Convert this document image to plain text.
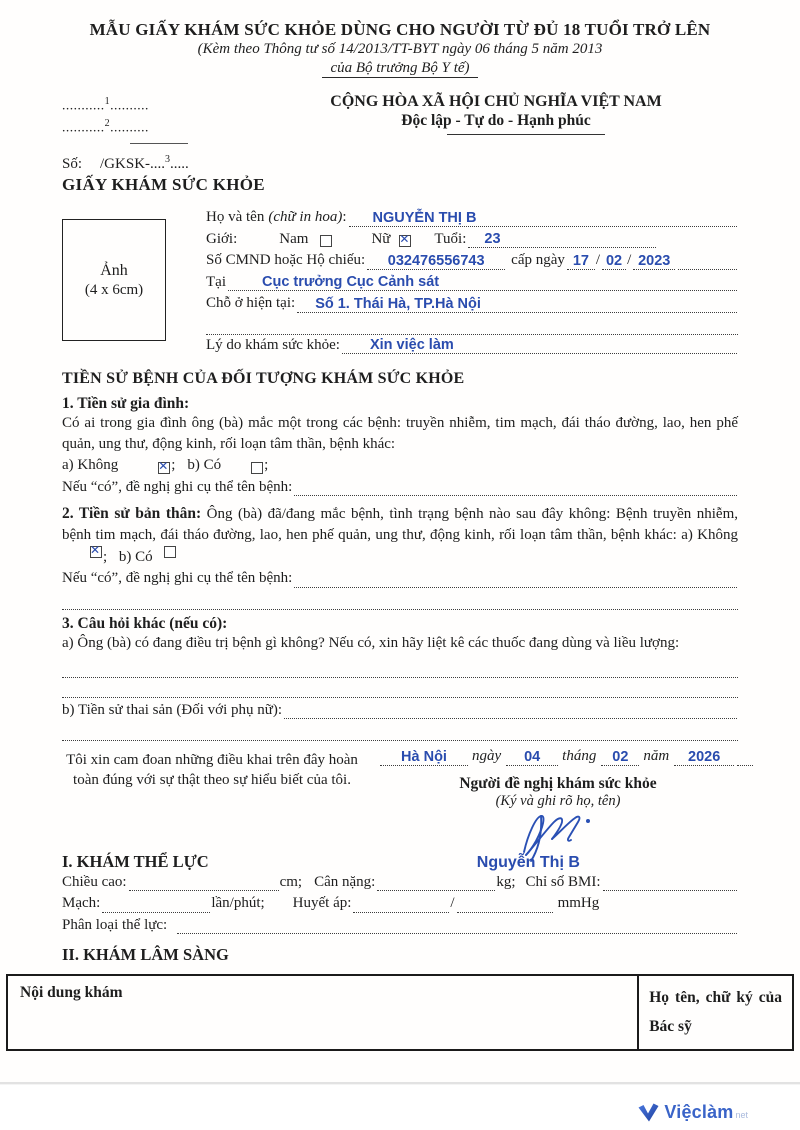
MẪU GIẤY KHÁM SỨC KHỎE DÙNG CHO NGƯỜI TỪ ĐỦ 18 TUỔI TRỞ LÊN
(Kèm theo Thông tư số 14/2013/TT-BYT ngày 06 tháng 5 năm 2013
của Bộ trưởng Bộ Y tế)
...........$^1$..........
...........$^2$..........
CỘNG HÒA XÃ HỘI CHỦ NGHĨA VIỆT NAM
Độc lập - Tự do - Hạnh phúc
Số: /GKSK-....$^3$.....
GIẤY KHÁM SỨC KHỎE
Ảnh
(4 x 6cm)
Họ và tên (chữ in hoa) :	NGUYỄN THỊ B
Giới:	Nam	Nữ ✕ Tuổi:	23
Số CMND hoặc Hộ chiếu: 032476556743 cấp ngày 17 / 02 / 2023
Tại	Cục trưởng Cục Cảnh sát
Chỗ ở hiện tại:	Số 1. Thái Hà, TP.Hà Nội
Lý do khám sức khỏe:	Xin việc làm
TIỀN SỬ BỆNH CỦA ĐỐI TƯỢNG KHÁM SỨC KHỎE
1. Tiền sử gia đình:

Có ai trong gia đình ông (bà) mắc một trong các bệnh: truyền nhiễm, tim mạch, đái tháo đường, lao, hen phế quản, ung thư, động kinh, rối loạn tâm thần, bệnh khác:

a) Không	✕ ; b) Có	;
Nếu “có”, đề nghị ghi cụ thể tên bệnh:

2. Tiền sử bản thân: Ông (bà) đã/đang mắc bệnh, tình trạng bệnh nào sau đây không: Bệnh truyền nhiễm, bệnh tim mạch, đái tháo đường, lao, hen phế quản, ung thư, động kinh, rối loạn tâm thần, bệnh khác: a) Không
✕ ; b) Có

Nếu “có”, đề nghị ghi cụ thể tên bệnh:
3. Câu hỏi khác (nếu có):

a) Ông (bà) có đang điều trị bệnh gì không? Nếu có, xin hãy liệt kê các thuốc đang dùng và liều lượng:

b) Tiền sử thai sản (Đối với phụ nữ):
Tôi xin cam đoan những điều khai trên đây hoàn toàn đúng với sự thật theo sự hiểu biết của tôi.
Hà Nội ngày 04 tháng 02 năm 2026
Người đề nghị khám sức khỏe
(Ký và ghi rõ họ, tên)
I. KHÁM THỂ LỰC	Nguyễn Thị B
Chiều cao:	cm; Cân nặng:	kg; Chỉ số BMI:
Mạch:	lần/phút; Huyết áp:	/	mmHg
Phân loại thể lực:
II. KHÁM LÂM SÀNG
Nội dung khám	Họ tên, chữ ký của Bác sỹ
Việclàm net
